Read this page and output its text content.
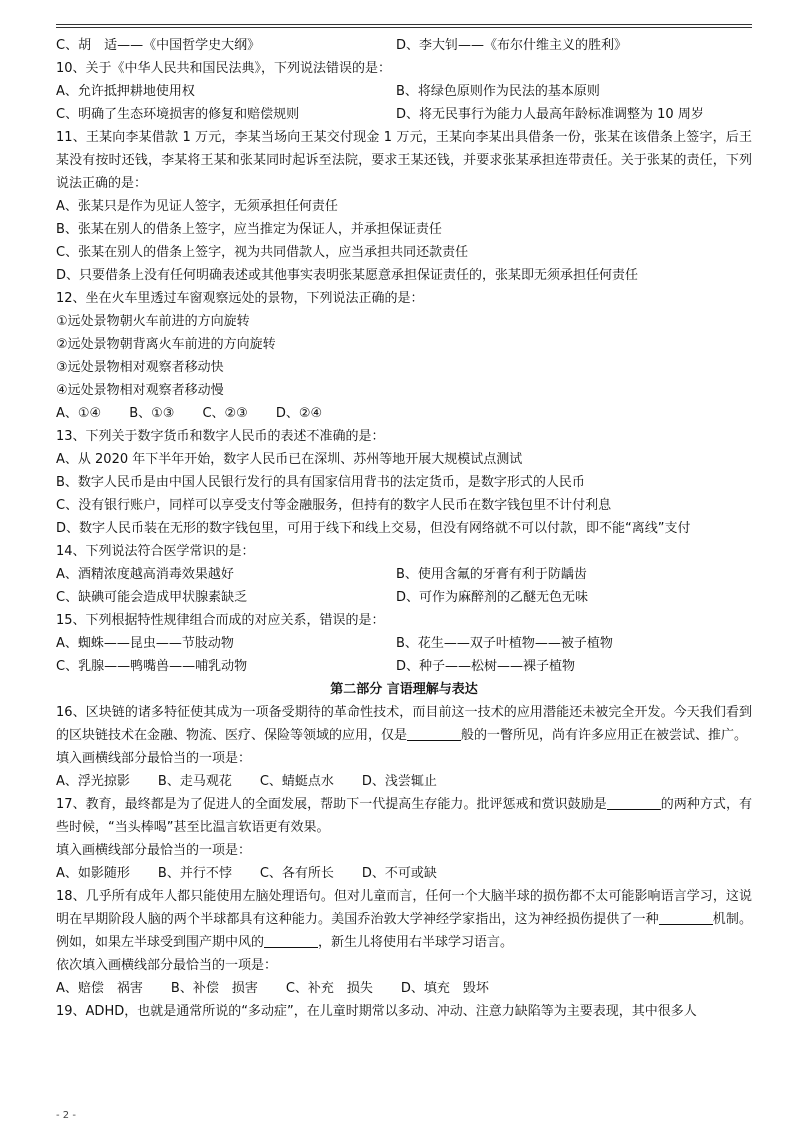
C、胡　适——《中国哲学史大纲》	D、李大钊——《布尔什维主义的胜利》
10、关于《中华人民共和国民法典》，下列说法错误的是：
A、允许抵押耕地使用权	B、将绿色原则作为民法的基本原则
C、明确了生态环境损害的修复和赔偿规则	D、将无民事行为能力人最高年龄标准调整为 10 周岁
11、王某向李某借款 1 万元，李某当场向王某交付现金 1 万元，王某向李某出具借条一份，张某在该借条上签字，后王某没有按时还钱，李某将王某和张某同时起诉至法院，要求王某还钱，并要求张某承担连带责任。关于张某的责任，下列说法正确的是：
A、张某只是作为见证人签字，无须承担任何责任
B、张某在别人的借条上签字，应当推定为保证人，并承担保证责任
C、张某在别人的借条上签字，视为共同借款人，应当承担共同还款责任
D、只要借条上没有任何明确表述或其他事实表明张某愿意承担保证责任的，张某即无须承担任何责任
12、坐在火车里透过车窗观察远处的景物，下列说法正确的是：
①远处景物朝火车前进的方向旋转
②远处景物朝背离火车前进的方向旋转
③远处景物相对观察者移动快
④远处景物相对观察者移动慢
A、①④ B、①③ C、②③ D、②④
13、下列关于数字货币和数字人民币的表述不准确的是：
A、从 2020 年下半年开始，数字人民币已在深圳、苏州等地开展大规模试点测试
B、数字人民币是由中国人民银行发行的具有国家信用背书的法定货币，是数字形式的人民币
C、没有银行账户，同样可以享受支付等金融服务，但持有的数字人民币在数字钱包里不计付利息
D、数字人民币装在无形的数字钱包里，可用于线下和线上交易，但没有网络就不可以付款，即不能“离线”支付
14、下列说法符合医学常识的是：
A、酒精浓度越高消毒效果越好	B、使用含氟的牙膏有利于防龋齿
C、缺碘可能会造成甲状腺素缺乏	D、可作为麻醉剂的乙醚无色无味
15、下列根据特性规律组合而成的对应关系，错误的是：
A、蜘蛛——昆虫——节肢动物	B、花生——双子叶植物——被子植物
C、乳腺——鸭嘴兽——哺乳动物	D、种子——松树——裸子植物
第二部分 言语理解与表达
16、区块链的诸多特征使其成为一项备受期待的革命性技术，而目前这一技术的应用潜能还未被完全开发。今天我们看到的区块链技术在金融、物流、医疗、保险等领域的应用，仅是	般的一瞥所见，尚有许多应用正在被尝试、推广。
填入画横线部分最恰当的一项是：
A、浮光掠影 B、走马观花 C、蜻蜓点水 D、浅尝辄止
17、教育，最终都是为了促进人的全面发展，帮助下一代提高生存能力。批评惩戒和赏识鼓励是	的两种方式，有些时候，“当头棒喝”甚至比温言软语更有效果。
填入画横线部分最恰当的一项是：
A、如影随形 B、并行不悖 C、各有所长 D、不可或缺
18、几乎所有成年人都只能使用左脑处理语句。但对儿童而言，任何一个大脑半球的损伤都不太可能影响语言学习，这说明在早期阶段人脑的两个半球都具有这种能力。美国乔治敦大学神经学家指出，这为神经损伤提供了一种	机制。例如，如果左半球受到围产期中风的	，新生儿将使用右半球学习语言。
依次填入画横线部分最恰当的一项是：
A、赔偿　祸害 B、补偿　损害 C、补充　损失 D、填充　毁坏
19、ADHD，也就是通常所说的“多动症”，在儿童时期常以多动、冲动、注意力缺陷等为主要表现，其中很多人
- 2 -
